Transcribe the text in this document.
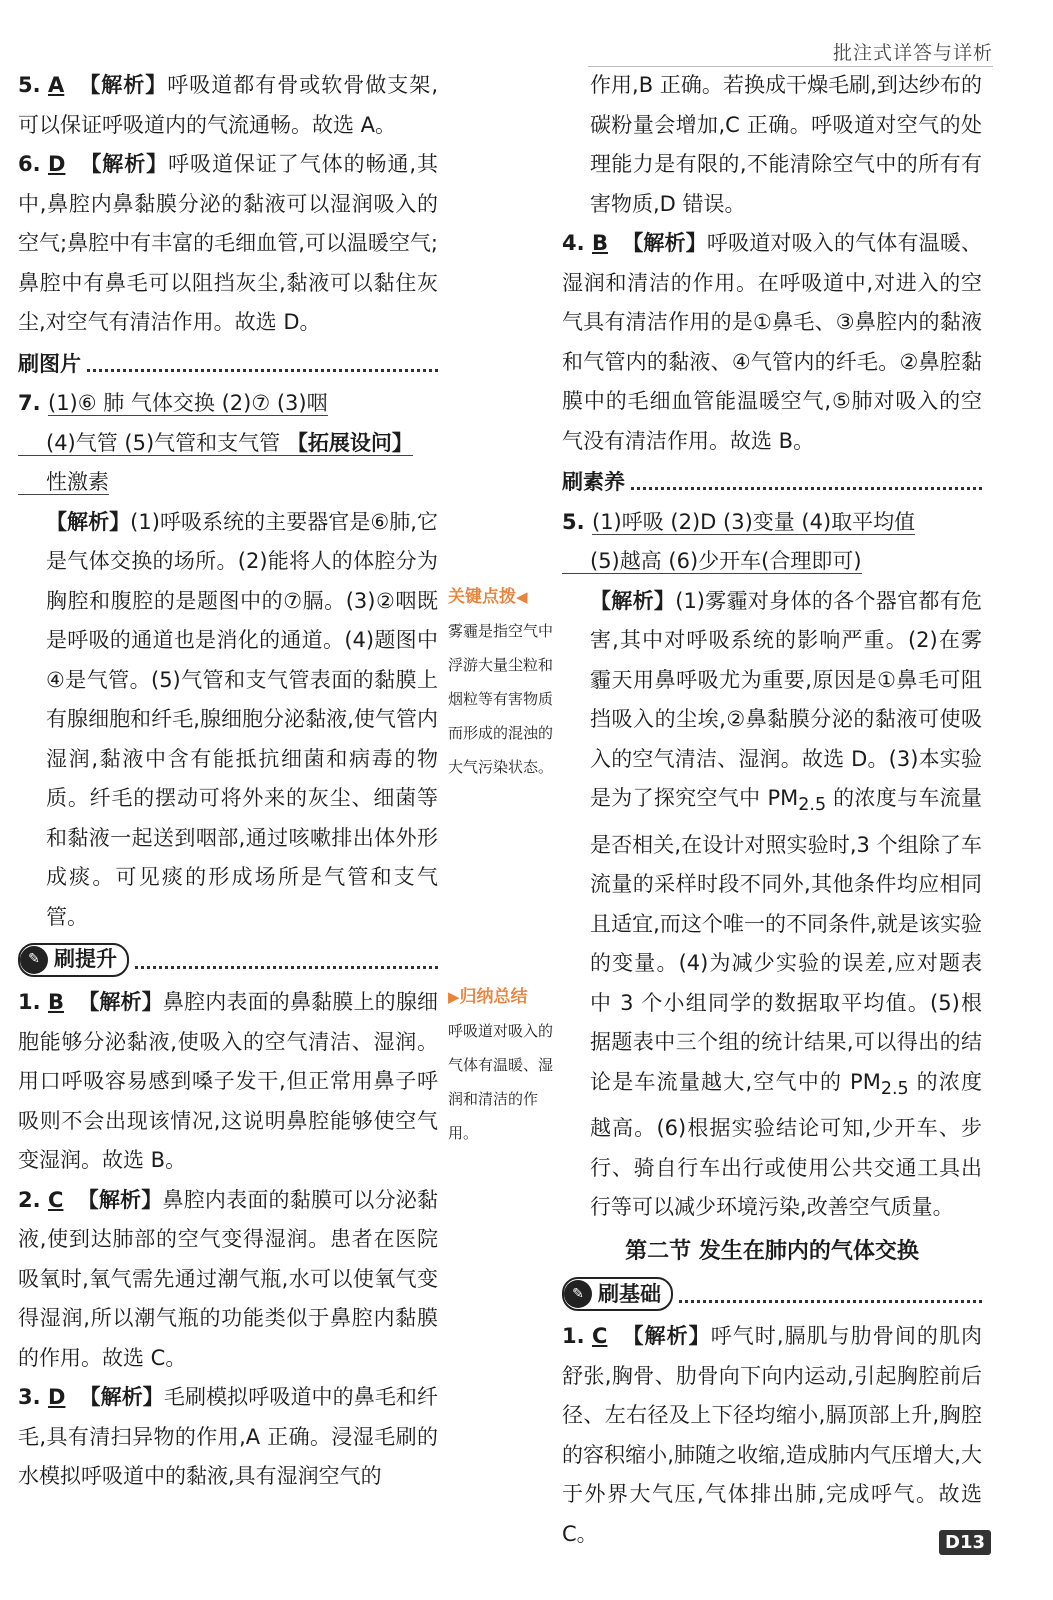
批注式详答与详析

5. A 【解析】呼吸道都有骨或软骨做支架,可以保证呼吸道内的气流通畅。故选 A。

6. D 【解析】呼吸道保证了气体的畅通,其中,鼻腔内鼻黏膜分泌的黏液可以湿润吸入的空气;鼻腔中有丰富的毛细血管,可以温暖空气;鼻腔中有鼻毛可以阻挡灰尘,黏液可以黏住灰尘,对空气有清洁作用。故选 D。

刷图片

7. (1)⑥ 肺 气体交换 (2)⑦ (3)咽
(4)气管 (5)气管和支气管 【拓展设问】
性激素

【解析】(1)呼吸系统的主要器官是⑥肺,它是气体交换的场所。(2)能将人的体腔分为胸腔和腹腔的是题图中的⑦膈。(3)②咽既是呼吸的通道也是消化的通道。(4)题图中④是气管。(5)气管和支气管表面的黏膜上有腺细胞和纤毛,腺细胞分泌黏液,使气管内湿润,黏液中含有能抵抗细菌和病毒的物质。纤毛的摆动可将外来的灰尘、细菌等和黏液一起送到咽部,通过咳嗽排出体外形成痰。可见痰的形成场所是气管和支气管。

✎ 刷提升

1. B 【解析】鼻腔内表面的鼻黏膜上的腺细胞能够分泌黏液,使吸入的空气清洁、湿润。用口呼吸容易感到嗓子发干,但正常用鼻子呼吸则不会出现该情况,这说明鼻腔能够使空气变湿润。故选 B。

2. C 【解析】鼻腔内表面的黏膜可以分泌黏液,使到达肺部的空气变得湿润。患者在医院吸氧时,氧气需先通过潮气瓶,水可以使氧气变得湿润,所以潮气瓶的功能类似于鼻腔内黏膜的作用。故选 C。

3. D 【解析】毛刷模拟呼吸道中的鼻毛和纤毛,具有清扫异物的作用,A 正确。浸湿毛刷的水模拟呼吸道中的黏液,具有湿润空气的

关键点拨◀
雾霾是指空气中浮游大量尘粒和烟粒等有害物质而形成的混浊的大气污染状态。
▶归纳总结
呼吸道对吸入的气体有温暖、湿润和清洁的作用。

作用,B 正确。若换成干燥毛刷,到达纱布的碳粉量会增加,C 正确。呼吸道对空气的处理能力是有限的,不能清除空气中的所有有害物质,D 错误。

4. B 【解析】呼吸道对吸入的气体有温暖、湿润和清洁的作用。在呼吸道中,对进入的空气具有清洁作用的是①鼻毛、③鼻腔内的黏液和气管内的黏液、④气管内的纤毛。②鼻腔黏膜中的毛细血管能温暖空气,⑤肺对吸入的空气没有清洁作用。故选 B。

刷素养

5. (1)呼吸 (2)D (3)变量 (4)取平均值
(5)越高 (6)少开车(合理即可)

【解析】(1)雾霾对身体的各个器官都有危害,其中对呼吸系统的影响严重。(2)在雾霾天用鼻呼吸尤为重要,原因是①鼻毛可阻挡吸入的尘埃,②鼻黏膜分泌的黏液可使吸入的空气清洁、湿润。故选 D。(3)本实验是为了探究空气中 $PM_{2.5}$ 的浓度与车流量是否相关,在设计对照实验时,3 个组除了车流量的采样时段不同外,其他条件均应相同且适宜,而这个唯一的不同条件,就是该实验的变量。(4)为减少实验的误差,应对题表中 3 个小组同学的数据取平均值。(5)根据题表中三个组的统计结果,可以得出的结论是车流量越大,空气中的 $PM_{2.5}$ 的浓度越高。(6)根据实验结论可知,少开车、步行、骑自行车出行或使用公共交通工具出行等可以减少环境污染,改善空气质量。

第二节 发生在肺内的气体交换
✎ 刷基础

1. C 【解析】呼气时,膈肌与肋骨间的肌肉舒张,胸骨、肋骨向下向内运动,引起胸腔前后径、左右径及上下径均缩小,膈顶部上升,胸腔的容积缩小,肺随之收缩,造成肺内气压增大,大于外界大气压,气体排出肺,完成呼气。故选 C。	D13
